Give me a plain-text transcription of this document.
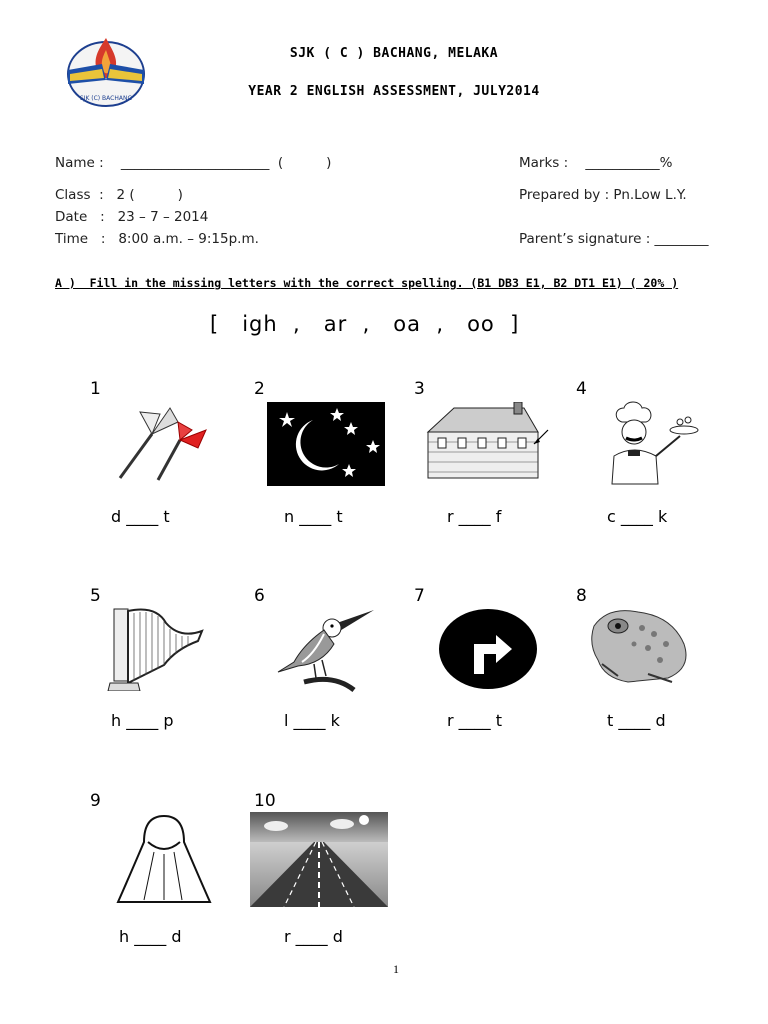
SJK (C) BACHANG
SJK ( C ) BACHANG, MELAKA
YEAR 2 ENGLISH ASSESSMENT, JULY2014
Name :    ______________________  (          )
Class  :   2 (          )
Date   :   23 – 7 – 2014
Time   :   8:00 a.m. – 9:15p.m.
Marks :    ___________%
Prepared by : Pn.Low L.Y.
Parent’s signature : ________
A )  Fill in the missing letters with the correct spelling. (B1 DB3 E1, B2 DT1 E1) ( 20% )
[   igh  ,   ar  ,   oa  ,   oo  ]
1	2	3	4
5	6	7	8
9	10
d ____ t	n ____ t	r ____ f	c ____ k
h ____ p	l ____ k	r ____ t	t ____ d
h ____ d	r ____ d
1
